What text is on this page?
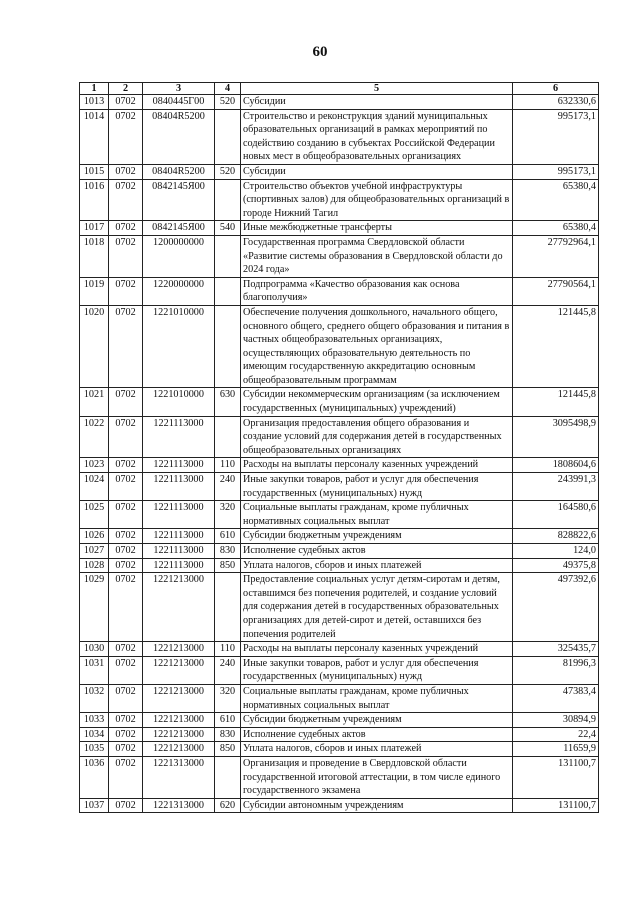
60
1	2	3	4	5	6
1013	0702	0840445Г00	520	Субсидии	632330,6
1014	0702	08404R5200		Строительство и реконструкция зданий муниципальных образовательных организаций в рамках мероприятий по содействию созданию в субъектах Российской Федерации новых мест в общеобразовательных организациях	995173,1
1015	0702	08404R5200	520	Субсидии	995173,1
1016	0702	0842145Я00		Строительство объектов учебной инфраструктуры (спортивных залов) для общеобразовательных организаций в городе Нижний Тагил	65380,4
1017	0702	0842145Я00	540	Иные межбюджетные трансферты	65380,4
1018	0702	1200000000		Государственная программа Свердловской области «Развитие системы образования в Свердловской области до 2024 года»	27792964,1
1019	0702	1220000000		Подпрограмма «Качество образования как основа благополучия»	27790564,1
1020	0702	1221010000		Обеспечение получения дошкольного, начального общего, основного общего, среднего общего образования и питания в частных общеобразовательных организациях, осуществляющих образовательную деятельность по имеющим государственную аккредитацию основным общеобразовательным программам	121445,8
1021	0702	1221010000	630	Субсидии некоммерческим организациям (за исключением государственных (муниципальных) учреждений)	121445,8
1022	0702	1221113000		Организация предоставления общего образования и создание условий для содержания детей в государственных общеобразовательных организациях	3095498,9
1023	0702	1221113000	110	Расходы на выплаты персоналу казенных учреждений	1808604,6
1024	0702	1221113000	240	Иные закупки товаров, работ и услуг для обеспечения государственных (муниципальных) нужд	243991,3
1025	0702	1221113000	320	Социальные выплаты гражданам, кроме публичных нормативных социальных выплат	164580,6
1026	0702	1221113000	610	Субсидии бюджетным учреждениям	828822,6
1027	0702	1221113000	830	Исполнение судебных актов	124,0
1028	0702	1221113000	850	Уплата налогов, сборов и иных платежей	49375,8
1029	0702	1221213000		Предоставление социальных услуг детям-сиротам и детям, оставшимся без попечения родителей, и создание условий для содержания детей в государственных образовательных организациях для детей-сирот и детей, оставшихся без попечения родителей	497392,6
1030	0702	1221213000	110	Расходы на выплаты персоналу казенных учреждений	325435,7
1031	0702	1221213000	240	Иные закупки товаров, работ и услуг для обеспечения государственных (муниципальных) нужд	81996,3
1032	0702	1221213000	320	Социальные выплаты гражданам, кроме публичных нормативных социальных выплат	47383,4
1033	0702	1221213000	610	Субсидии бюджетным учреждениям	30894,9
1034	0702	1221213000	830	Исполнение судебных актов	22,4
1035	0702	1221213000	850	Уплата налогов, сборов и иных платежей	11659,9
1036	0702	1221313000		Организация и проведение в Свердловской области государственной итоговой аттестации, в том числе единого государственного экзамена	131100,7
1037	0702	1221313000	620	Субсидии автономным учреждениям	131100,7
